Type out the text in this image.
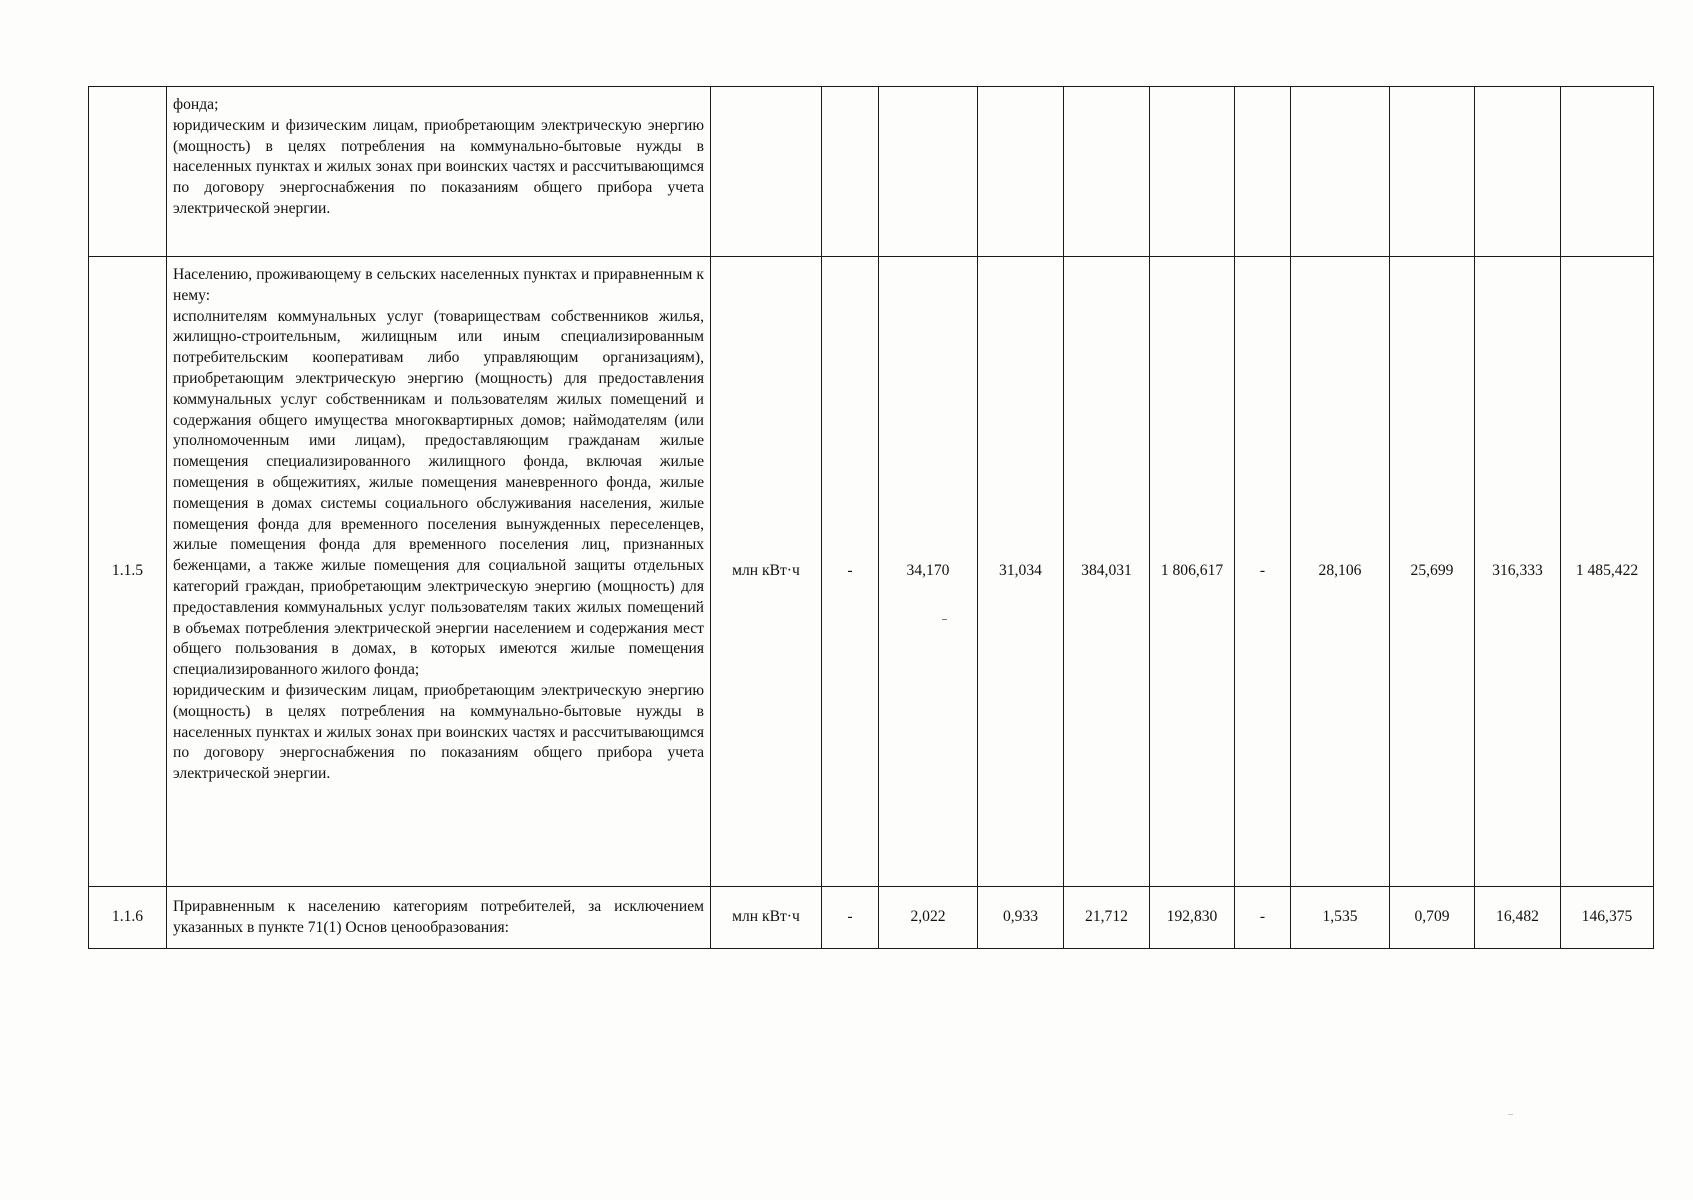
	фонда;

юридическим и физическим лицам, приобретающим электрическую энергию (мощность) в целях потребления на коммунально-бытовые нужды в населенных пунктах и жилых зонах при воинских частях и рассчитывающимся по договору энергоснабжения по показаниям общего прибора учета электрической энергии.												

1.1.5	Населению, проживающему в сельских населенных пунктах и приравненным к нему:

исполнителям коммунальных услуг (товариществам собственников жилья, жилищно-строительным, жилищным или иным специализированным потребительским кооперативам либо управляющим организациям), приобретающим электрическую энергию (мощность) для предоставления коммунальных услуг собственникам и пользователям жилых помещений и содержания общего имущества многоквартирных домов; наймодателям (или уполномоченным ими лицам), предоставляющим гражданам жилые помещения специализированного жилищного фонда, включая жилые помещения в общежитиях, жилые помещения маневренного фонда, жилые помещения в домах системы социального обслуживания населения, жилые помещения фонда для временного поселения вынужденных переселенцев, жилые помещения фонда для временного поселения лиц, признанных беженцами, а также жилые помещения для социальной защиты отдельных категорий граждан, приобретающим электрическую энергию (мощность) для предоставления коммунальных услуг пользователям таких жилых помещений в объемах потребления электрической энергии населением и содержания мест общего пользования в домах, в которых имеются жилые помещения специализированного жилого фонда;

юридическим и физическим лицам, приобретающим электрическую энергию (мощность) в целях потребления на коммунально-бытовые нужды в населенных пунктах и жилых зонах при воинских частях и рассчитывающимся по договору энергоснабжения по показаниям общего прибора учета электрической энергии.	млн кВт·ч	-	34,170	31,034	384,031	1 806,617	-	28,106	25,699	316,333	1 485,422	
1.1.6	Приравненным к населению категориям потребителей, за исключением указанных в пункте 71(1) Основ ценообразования:	млн кВт·ч	-	2,022	0,933	21,712	192,830	-	1,535	0,709	16,482	146,375	
